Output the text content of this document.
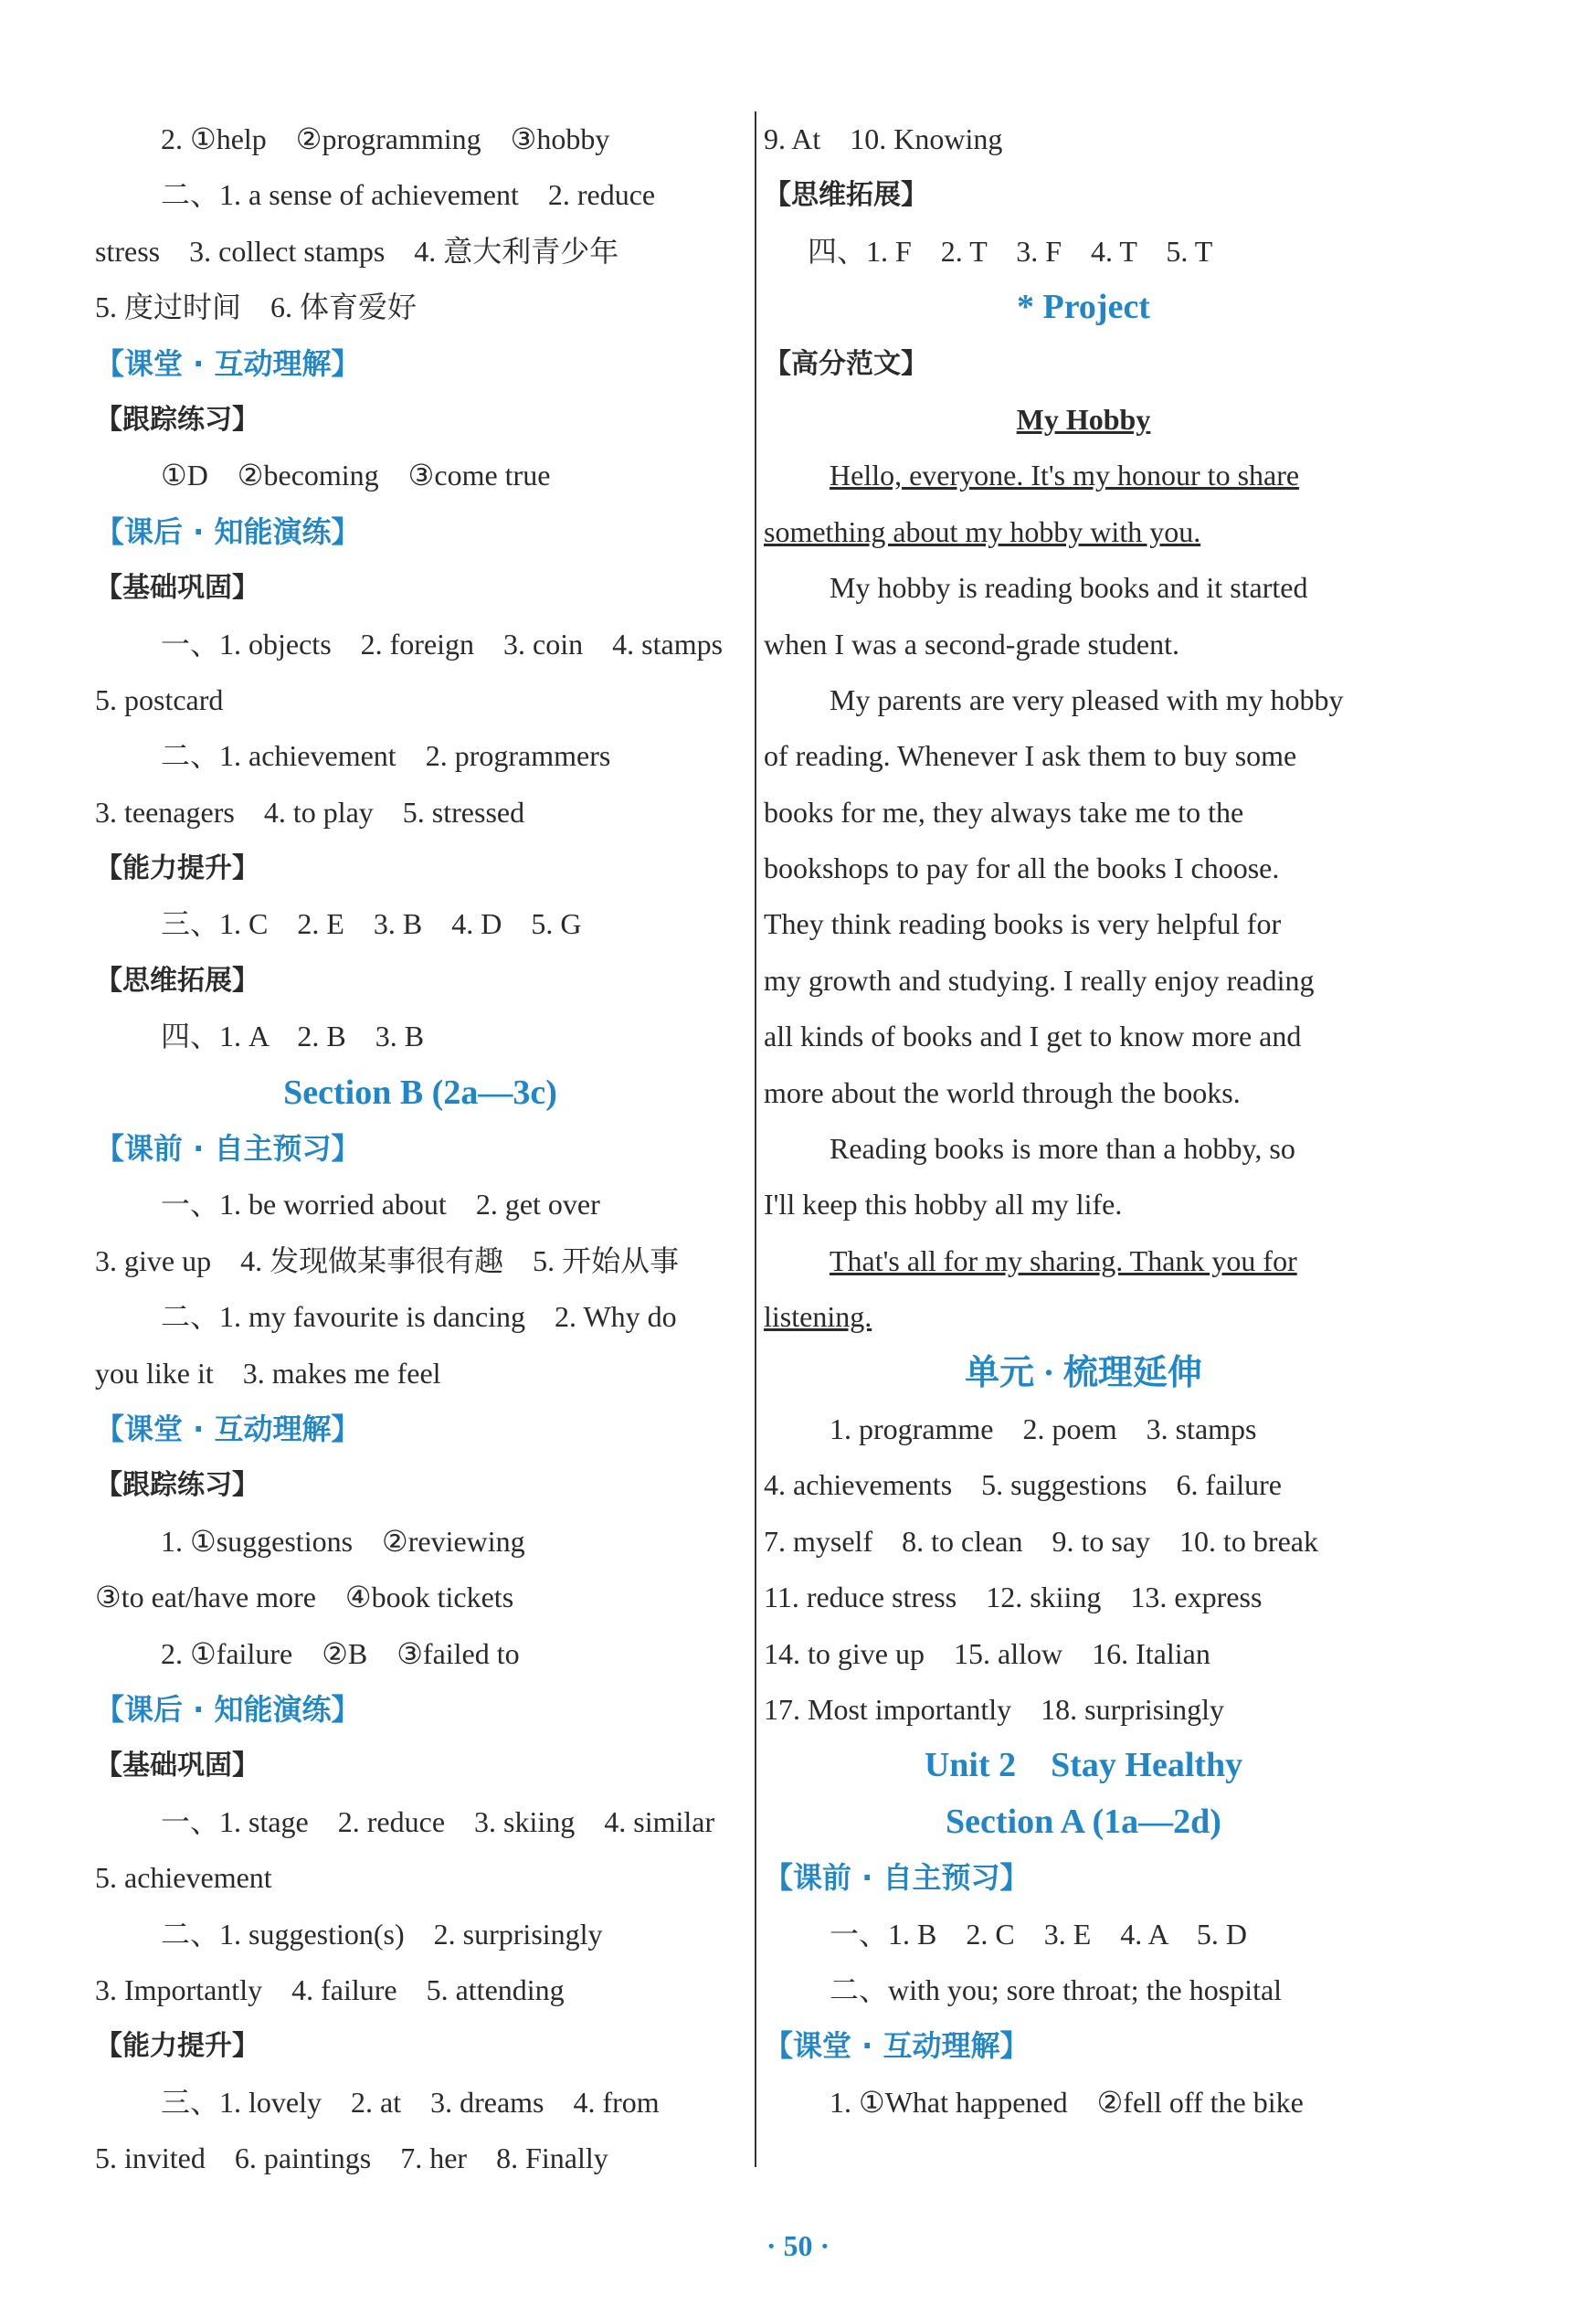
2. ①help　②programming　③hobby
二、1. a sense of achievement　2. reduce
stress　3. collect stamps　4. 意大利青少年
5. 度过时间　6. 体育爱好
【课堂 · 互动理解】
【跟踪练习】
①D　②becoming　③come true
【课后 · 知能演练】
【基础巩固】
一、1. objects　2. foreign　3. coin　4. stamps
5. postcard
二、1. achievement　2. programmers
3. teenagers　4. to play　5. stressed
【能力提升】
三、1. C　2. E　3. B　4. D　5. G
【思维拓展】
四、1. A　2. B　3. B
Section B (2a—3c)
【课前 · 自主预习】
一、1. be worried about　2. get over
3. give up　4. 发现做某事很有趣　5. 开始从事
二、1. my favourite is dancing　2. Why do
you like it　3. makes me feel
【课堂 · 互动理解】
【跟踪练习】
1. ①suggestions　②reviewing
③to eat/have more　④book tickets
2. ①failure　②B　③failed to
【课后 · 知能演练】
【基础巩固】
一、1. stage　2. reduce　3. skiing　4. similar
5. achievement
二、1. suggestion(s)　2. surprisingly
3. Importantly　4. failure　5. attending
【能力提升】
三、1. lovely　2. at　3. dreams　4. from
5. invited　6. paintings　7. her　8. Finally
9. At　10. Knowing
【思维拓展】
四、1. F　2. T　3. F　4. T　5. T
* Project
【高分范文】
My Hobby
Hello, everyone. It's my honour to share
something about my hobby with you.
My hobby is reading books and it started
when I was a second-grade student.
My parents are very pleased with my hobby
of reading. Whenever I ask them to buy some
books for me, they always take me to the
bookshops to pay for all the books I choose.
They think reading books is very helpful for
my growth and studying. I really enjoy reading
all kinds of books and I get to know more and
more about the world through the books.
Reading books is more than a hobby, so
I'll keep this hobby all my life.
That's all for my sharing. Thank you for
listening.
单元 · 梳理延伸
1. programme　2. poem　3. stamps
4. achievements　5. suggestions　6. failure
7. myself　8. to clean　9. to say　10. to break
11. reduce stress　12. skiing　13. express
14. to give up　15. allow　16. Italian
17. Most importantly　18. surprisingly
Unit 2　Stay Healthy
Section A (1a—2d)
【课前 · 自主预习】
一、1. B　2. C　3. E　4. A　5. D
二、with you; sore throat; the hospital
【课堂 · 互动理解】
1. ①What happened　②fell off the bike
· 50 ·
